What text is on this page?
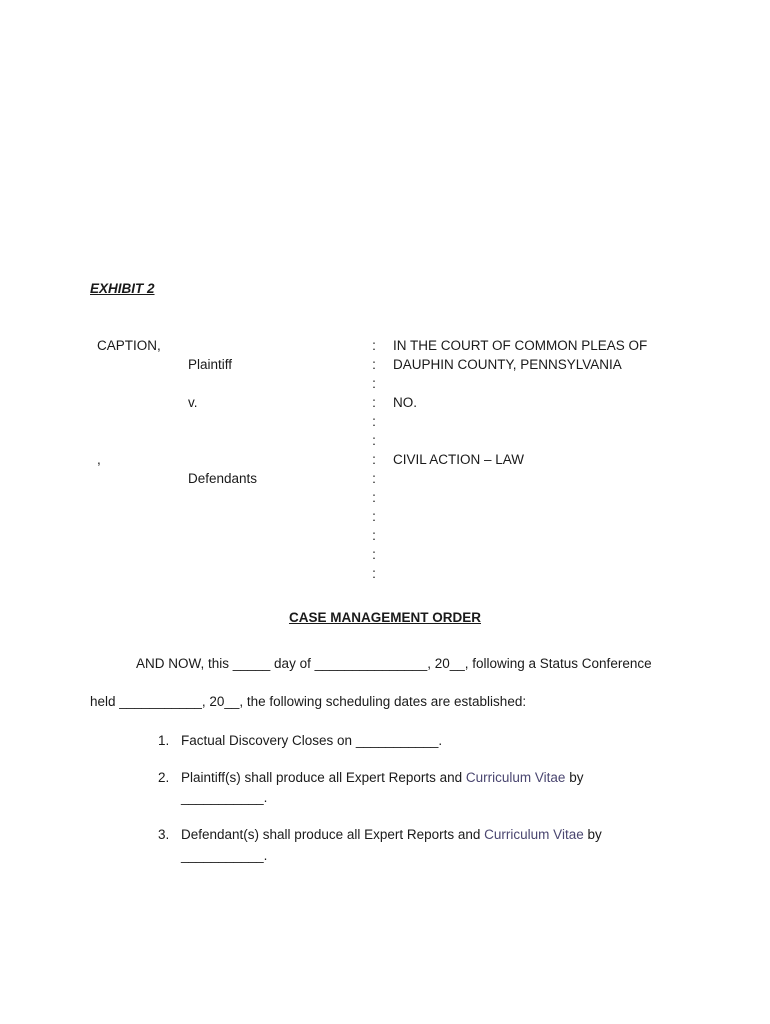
EXHIBIT 2
CAPTION,
Plaintiff
v.
,
Defendants
:
:
:
:
:
:
:
:
:
:
:
:
:
IN THE COURT OF COMMON PLEAS OF
DAUPHIN COUNTY, PENNSYLVANIA
NO.
CIVIL ACTION – LAW
CASE MANAGEMENT ORDER
AND NOW, this _____ day of _______________, 20__, following a Status Conference
held ___________, 20__, the following scheduling dates are established:
1. Factual Discovery Closes on ___________.
2. Plaintiff(s) shall produce all Expert Reports and Curriculum Vitae by
___________.
3. Defendant(s) shall produce all Expert Reports and Curriculum Vitae by
___________.
